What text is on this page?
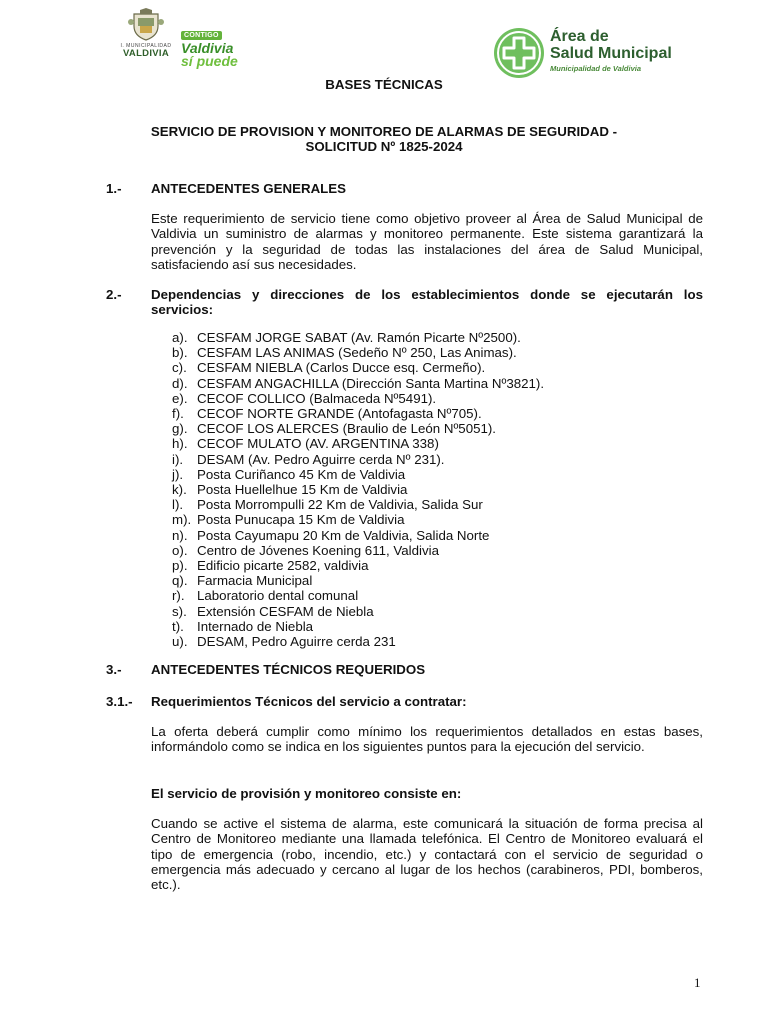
I. MUNICIPALIDAD
VALDIVIA
CONTIGO
Valdivia
sí puede
Área de
Salud Municipal
Municipalidad de Valdivia

BASES TÉCNICAS

SERVICIO DE PROVISION Y MONITOREO DE ALARMAS DE SEGURIDAD -

SOLICITUD Nº 1825-2024

1.- ANTECEDENTES GENERALES

Este requerimiento de servicio tiene como objetivo proveer al Área de Salud Municipal de Valdivia un suministro de alarmas y monitoreo permanente. Este sistema garantizará la prevención y la seguridad de todas las instalaciones del área de Salud Municipal, satisfaciendo así sus necesidades.

2.- Dependencias y direcciones de los establecimientos donde se ejecutarán los servicios:

a). CESFAM JORGE SABAT (Av. Ramón Picarte Nº2500).
b). CESFAM LAS ANIMAS (Sedeño Nº 250, Las Animas).
c). CESFAM NIEBLA (Carlos Ducce esq. Cermeño).
d). CESFAM ANGACHILLA (Dirección Santa Martina Nº3821).
e). CECOF COLLICO (Balmaceda Nº5491).
f). CECOF NORTE GRANDE (Antofagasta Nº705).
g). CECOF LOS ALERCES (Braulio de León Nº5051).
h). CECOF MULATO (AV. ARGENTINA 338)
i).	DESAM (Av. Pedro Aguirre cerda Nº 231).
j).	Posta Curiñanco 45 Km de Valdivia
k). Posta Huellelhue 15 Km de Valdivia
l).	Posta Morrompulli 22 Km de Valdivia, Salida Sur
m). Posta Punucapa 15 Km de Valdivia
n). Posta Cayumapu 20 Km de Valdivia, Salida Norte
o). Centro de Jóvenes Koening 611, Valdivia
p). Edificio picarte 2582, valdivia
q). Farmacia Municipal
r). Laboratorio dental comunal
s). Extensión CESFAM de Niebla
t). Internado de Niebla
u). DESAM, Pedro Aguirre cerda 231

3.- ANTECEDENTES TÉCNICOS REQUERIDOS

3.1.- Requerimientos Técnicos del servicio a contratar:

La oferta deberá cumplir como mínimo los requerimientos detallados en estas bases, informándolo como se indica en los siguientes puntos para la ejecución del servicio.

El servicio de provisión y monitoreo consiste en:

Cuando se active el sistema de alarma, este comunicará la situación de forma precisa al Centro de Monitoreo mediante una llamada telefónica. El Centro de Monitoreo evaluará el tipo de emergencia (robo, incendio, etc.) y contactará con el servicio de seguridad o emergencia más adecuado y cercano al lugar de los hechos (carabineros, PDI, bomberos, etc.).

1
